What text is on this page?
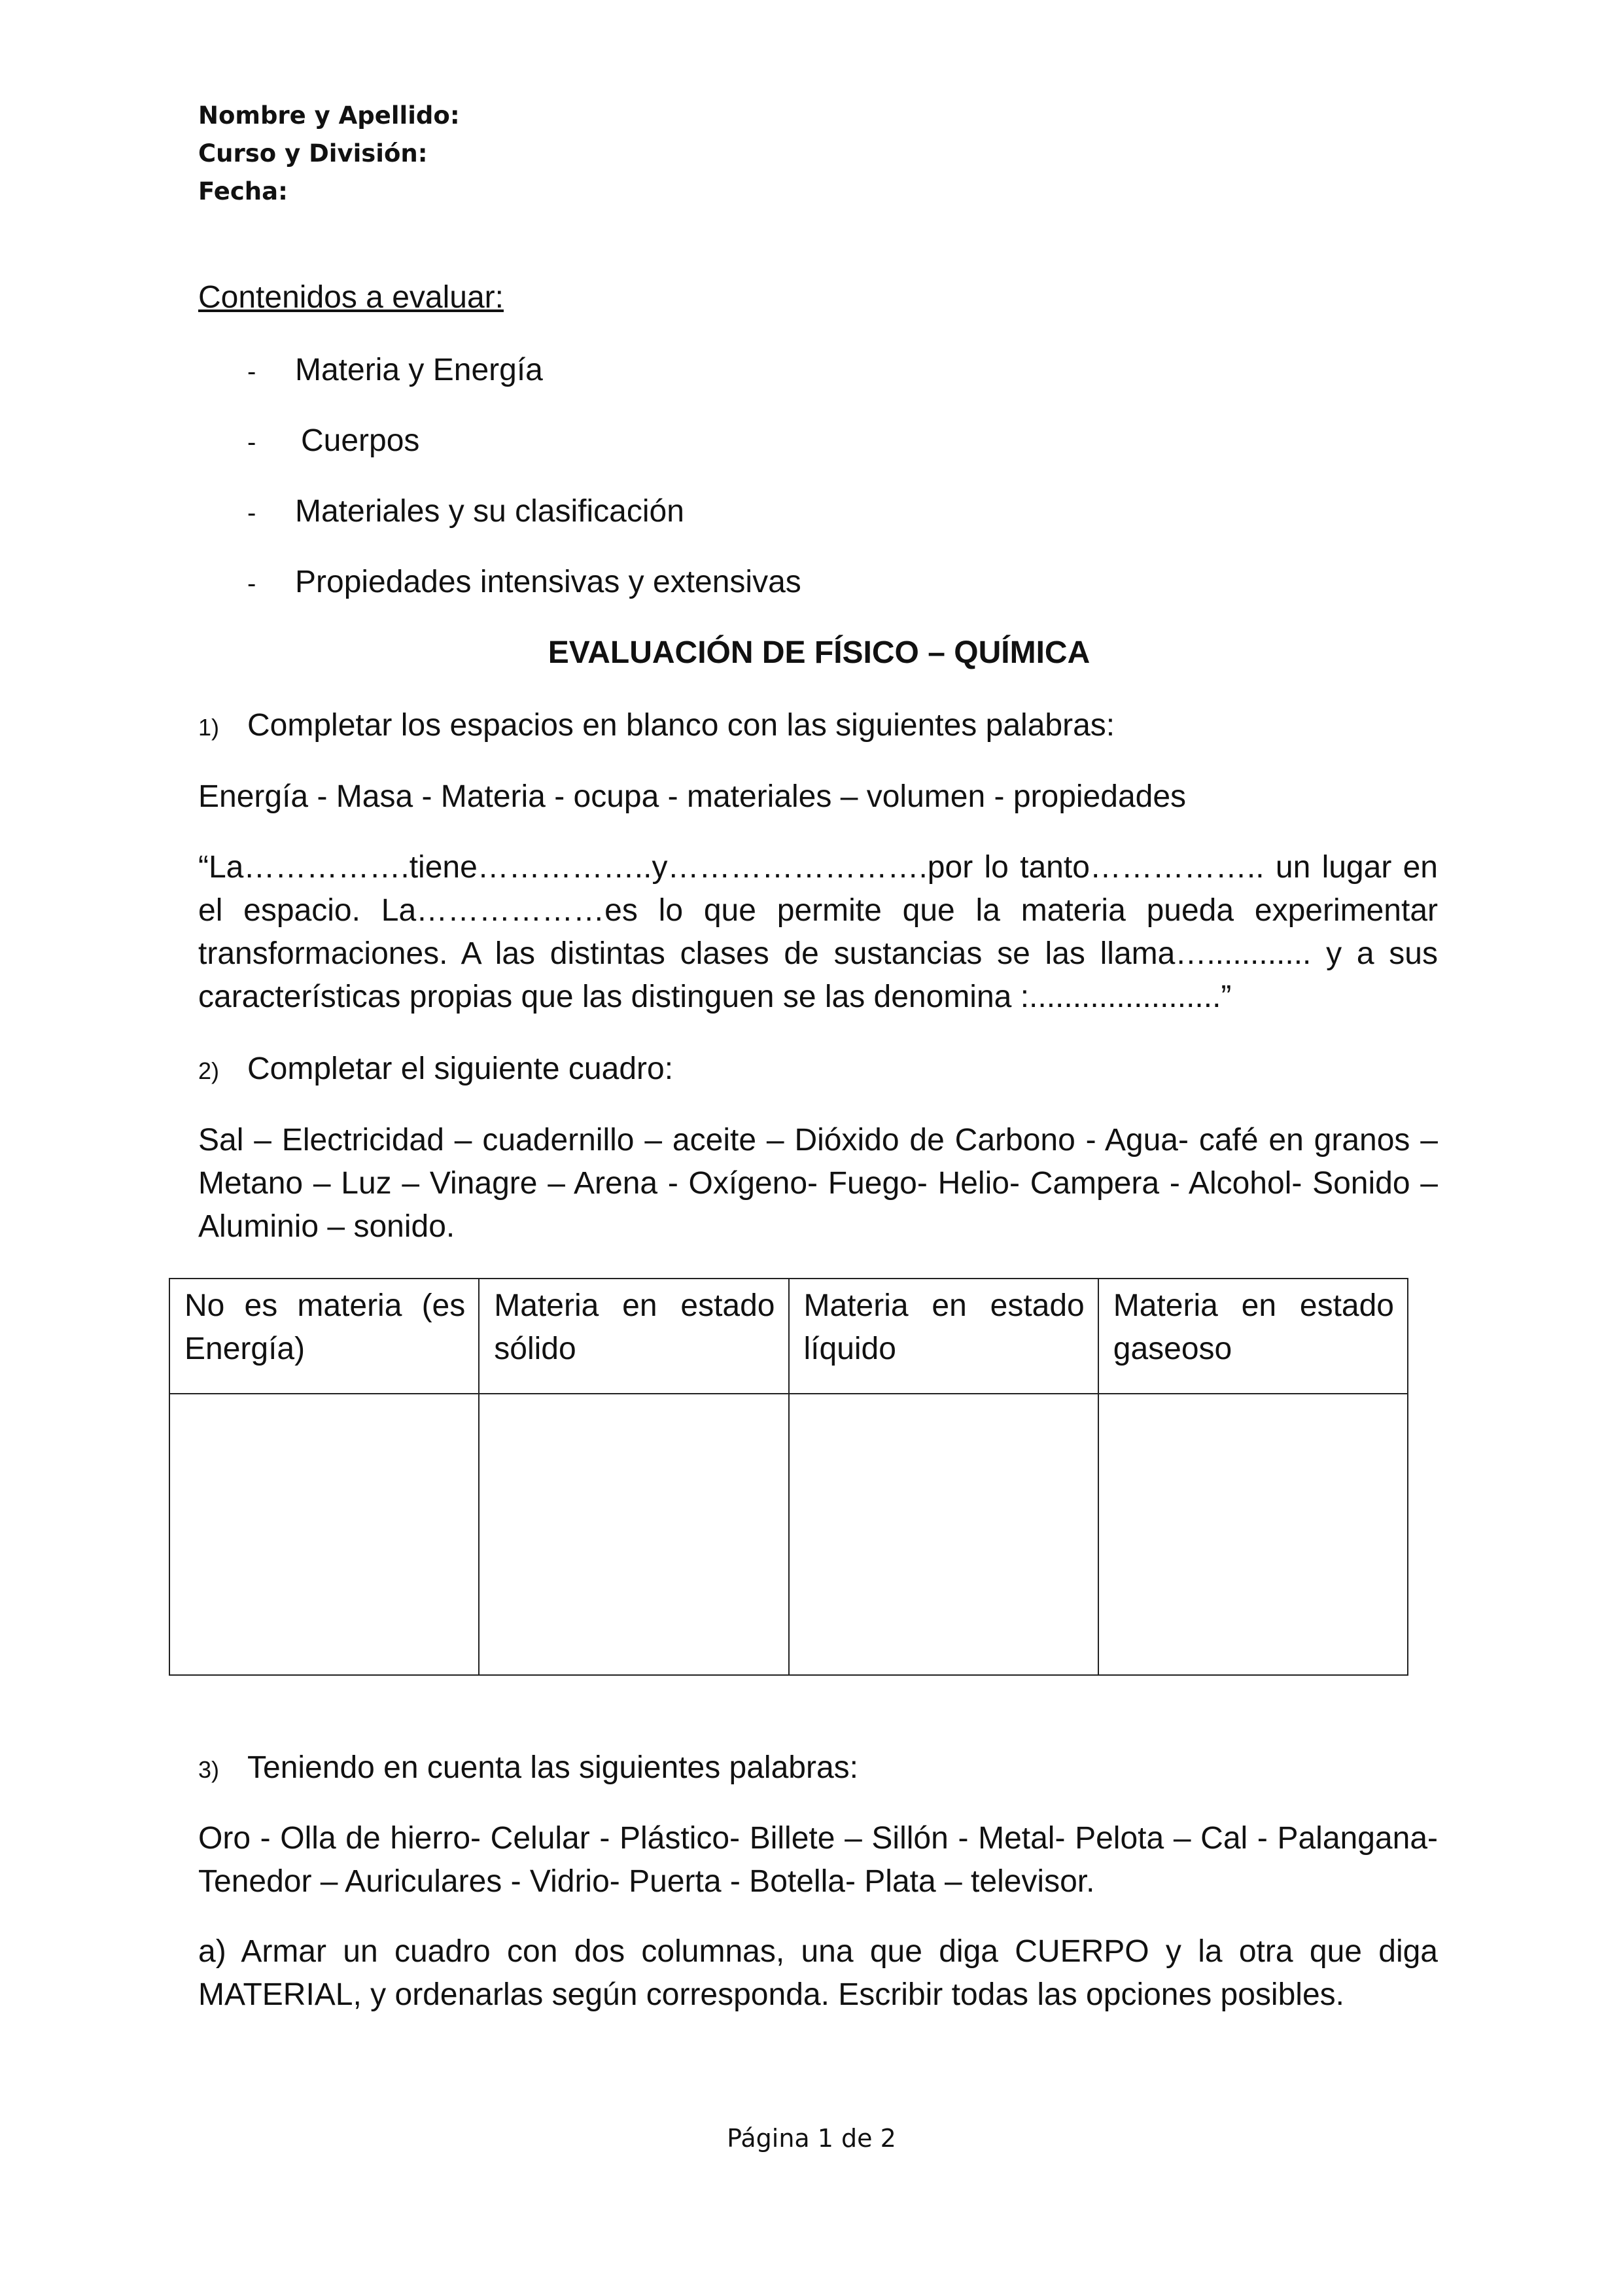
Nombre y Apellido:
Curso y División:
Fecha:
Contenidos a evaluar:
- Materia y Energía
- Cuerpos
- Materiales y su clasificación
- Propiedades intensivas y extensivas
EVALUACIÓN DE FÍSICO – QUÍMICA
1) Completar los espacios en blanco con las siguientes palabras:
Energía - Masa - Materia - ocupa - materiales – volumen - propiedades
“La…………….tiene……………..y…………………….por lo tanto…………….. un lugar en el espacio. La………………es lo que permite que la materia pueda experimentar transformaciones. A las distintas clases de sustancias se las llama…............ y a sus características propias que las distinguen se las denomina :......................”
2) Completar el siguiente cuadro:
Sal – Electricidad – cuadernillo – aceite – Dióxido de Carbono - Agua- café en granos – Metano – Luz – Vinagre – Arena - Oxígeno- Fuego- Helio- Campera - Alcohol- Sonido – Aluminio – sonido.
No es materia (es Energía)	Materia en estado sólido	Materia en estado líquido	Materia en estado gaseoso

3) Teniendo en cuenta las siguientes palabras:
Oro - Olla de hierro- Celular - Plástico- Billete – Sillón - Metal- Pelota – Cal - Palangana- Tenedor – Auriculares - Vidrio- Puerta - Botella- Plata – televisor.
a) Armar un cuadro con dos columnas, una que diga CUERPO y la otra que diga MATERIAL, y ordenarlas según corresponda. Escribir todas las opciones posibles.
Página 1 de 2
